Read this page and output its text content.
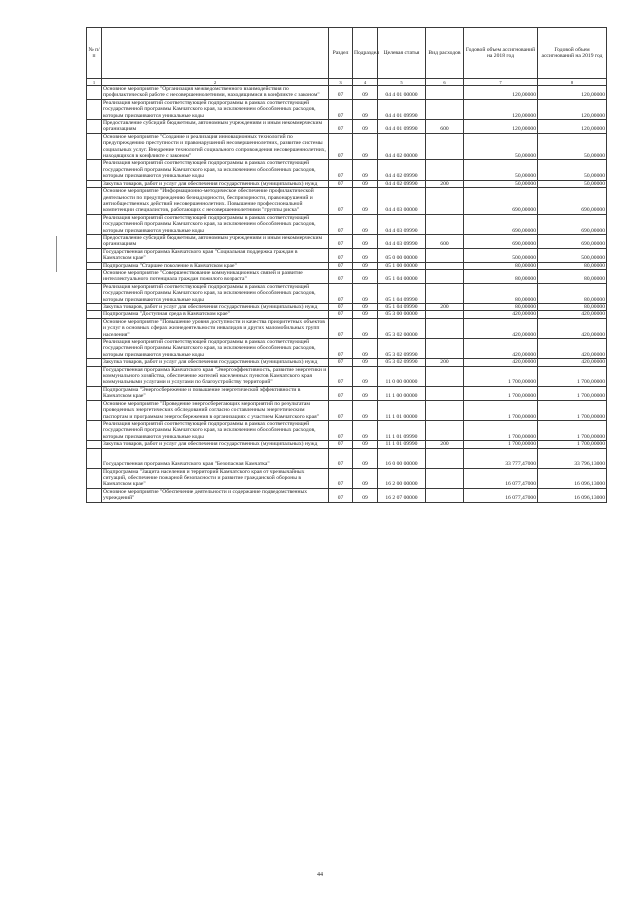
№ п/п		Раздел	Подраздел	Целевая статья	Вид расходов	Годовой объем ассигнований на 2018 год	Годовой объем ассигнований на 2019 год
1	2	3	4	5	6	7	8
	Основное мероприятие "Организация межведомственного взаимодействия по профилактической работе с несовершеннолетними, находящимися в конфликте с законом"	07	09	04 4 01 00000		120,00000	120,00000
	Реализация мероприятий соответствующей подпрограммы в рамках соответствующей государственной программы Камчатского края, за исключением обособленных расходов, которым присваиваются уникальные коды	07	09	04 4 01 09990		120,00000	120,00000
	Предоставление субсидий бюджетным, автономным учреждениям и иным некоммерческим организациям	07	09	04 4 01 09990	600	120,00000	120,00000
	Основное мероприятие "Создание и реализация инновационных технологий по предупреждению преступности и правонарушений несовершеннолетних, развитие системы социальных услуг. Внедрение технологий социального сопровождения несовершеннолетних, находящихся в конфликте с законом"	07	09	04 4 02 00000		50,00000	50,00000
	Реализация мероприятий соответствующей подпрограммы в рамках соответствующей государственной программы Камчатского края, за исключением обособленных расходов, которым присваиваются уникальные коды	07	09	04 4 02 09990		50,00000	50,00000
	Закупка товаров, работ и услуг для обеспечения государственных (муниципальных) нужд	07	09	04 4 02 09990	200	50,00000	50,00000
	Основное мероприятие "Информационно-методическое обеспечение профилактической деятельности по предупреждению безнадзорности, беспризорности, правонарушений и антиобщественных действий несовершеннолетних. Повышение профессиональной компетенции специалистов, работающих с несовершеннолетними "группы риска"	07	09	04 4 03 00000		690,00000	690,00000
	Реализация мероприятий соответствующей подпрограммы в рамках соответствующей государственной программы Камчатского края, за исключением обособленных расходов, которым присваиваются уникальные коды	07	09	04 4 03 09990		690,00000	690,00000
	Предоставление субсидий бюджетным, автономным учреждениям и иным некоммерческим организациям	07	09	04 4 03 09990	600	690,00000	690,00000
	Государственная программа Камчатского края "Социальная поддержка граждан в Камчатском крае"	07	09	05 0 00 00000		500,00000	500,00000
	Подпрограмма "Старшее поколение в Камчатском крае"	07	09	05 1 00 00000		80,00000	80,00000
	Основное мероприятие "Совершенствование коммуникационных связей и развитие интеллектуального потенциала граждан пожилого возраста"	07	09	05 1 04 00000		80,00000	80,00000
	Реализация мероприятий соответствующей подпрограммы в рамках соответствующей государственной программы Камчатского края, за исключением обособленных расходов, которым присваиваются уникальные коды	07	09	05 1 04 09990		80,00000	80,00000
	Закупка товаров, работ и услуг для обеспечения государственных (муниципальных) нужд	07	09	05 1 04 09990	200	80,00000	80,00000
	Подпрограмма "Доступная среда в Камчатском крае"	07	09	05 3 00 00000		420,00000	420,00000
	Основное мероприятие "Повышение уровня доступности и качества приоритетных объектов и услуг в основных сферах жизнедеятельности инвалидов и других маломобильных групп населения"	07	09	05 3 02 00000		420,00000	420,00000
	Реализация мероприятий соответствующей подпрограммы в рамках соответствующей государственной программы Камчатского края, за исключением обособленных расходов, которым присваиваются уникальные коды	07	09	05 3 02 09990		420,00000	420,00000
	Закупка товаров, работ и услуг для обеспечения государственных (муниципальных) нужд	07	09	05 3 02 09990	200	420,00000	420,00000
	Государственная программа Камчатского края "Энергоэффективность, развитие энергетики и коммунального хозяйства, обеспечение жителей населенных пунктов Камчатского края коммунальными услугами и услугами по благоустройству территорий"	07	09	11 0 00 00000		1 700,00000	1 700,00000
	Подпрограмма "Энергосбережение и повышение энергетической эффективности в Камчатском крае"	07	09	11 1 00 00000		1 700,00000	1 700,00000
	Основное мероприятие "Проведение энергосберегающих мероприятий по результатам проведенных энергетических обследований согласно составленным энергетическим паспортам и программам энергосбережения в организациях с участием Камчатского края"	07	09	11 1 01 00000		1 700,00000	1 700,00000
	Реализация мероприятий соответствующей подпрограммы в рамках соответствующей государственной программы Камчатского края, за исключением обособленных расходов, которым присваиваются уникальные коды	07	09	11 1 01 09990		1 700,00000	1 700,00000
	Закупка товаров, работ и услуг для обеспечения государственных (муниципальных) нужд	07	09	11 1 01 09990	200	1 700,00000	1 700,00000
	Государственная программа Камчатского края "Безопасная Камчатка"	07	09	16 0 00 00000		33 777,47000	33 796,13000
	Подпрограмма "Защита населения и территорий Камчатского края от чрезвычайных ситуаций, обеспечение пожарной безопасности и развитие гражданской обороны в Камчатском крае"	07	09	16 2 00 00000		16 077,47000	16 096,13000
	Основное мероприятие "Обеспечение деятельности и содержание подведомственных учреждений"	07	09	16 2 07 00000		16 077,47000	16 096,13000
44
